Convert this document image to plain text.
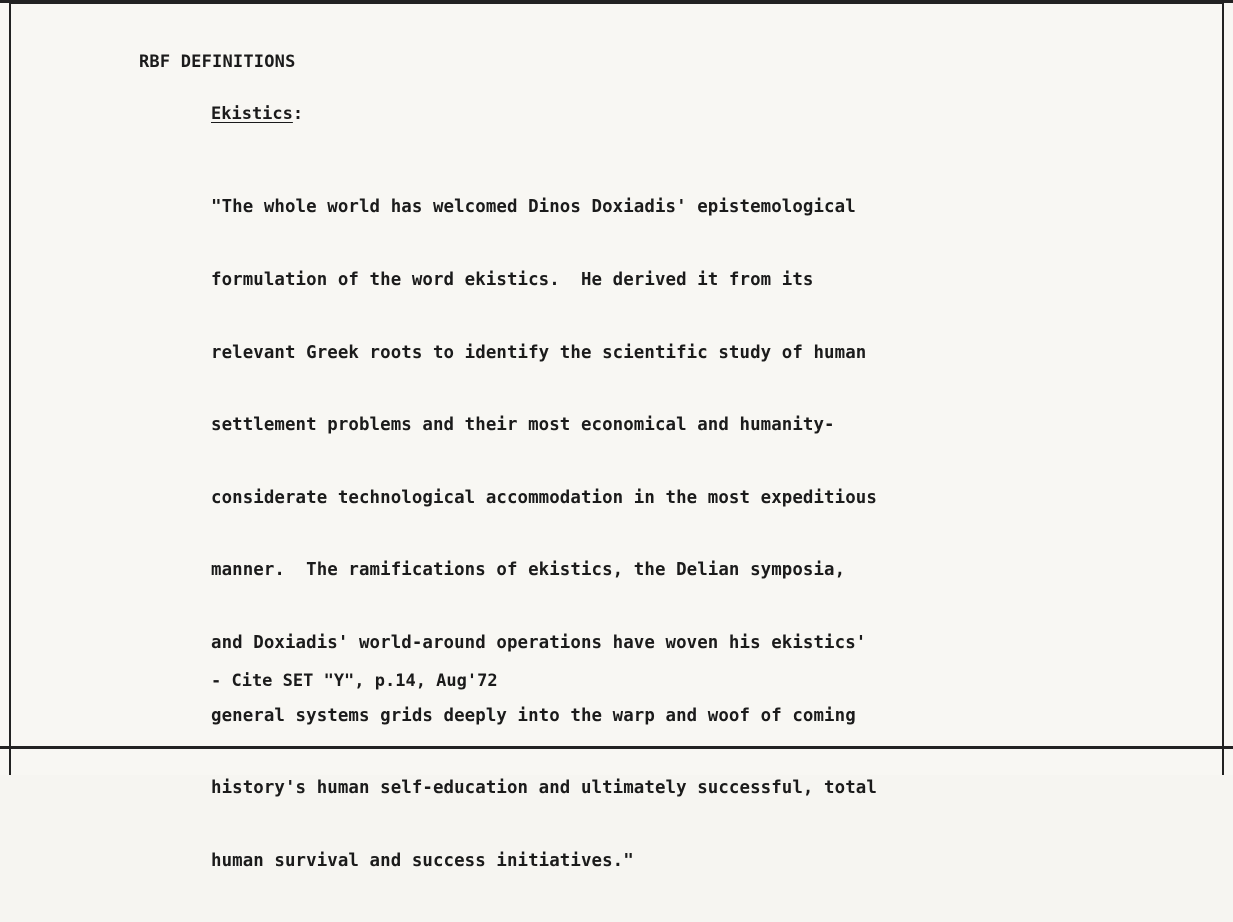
RBF DEFINITIONS
Ekistics:

"The whole world has welcomed Dinos Doxiadis' epistemological

formulation of the word ekistics.  He derived it from its

relevant Greek roots to identify the scientific study of human

settlement problems and their most economical and humanity-

considerate technological accommodation in the most expeditious

manner.  The ramifications of ekistics, the Delian symposia,

and Doxiadis' world-around operations have woven his ekistics'

general systems grids deeply into the warp and woof of coming

history's human self-education and ultimately successful, total

human survival and success initiatives."

- Cite SET "Y", p.14, Aug'72
